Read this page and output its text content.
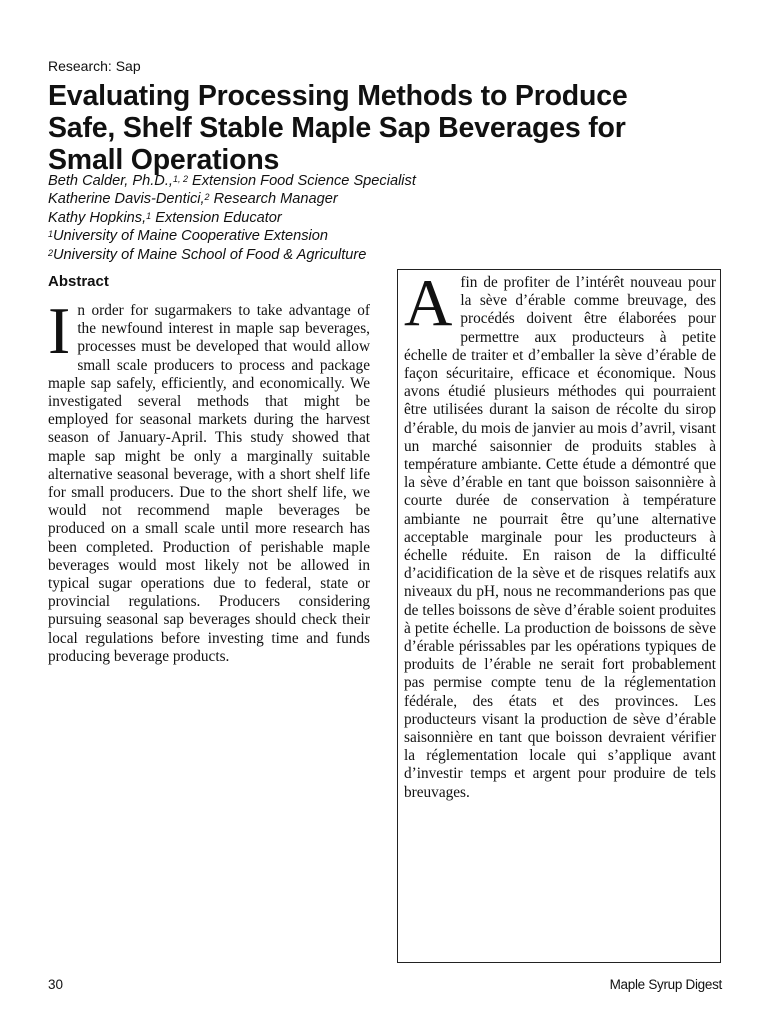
Research: Sap
Evaluating Processing Methods to Produce
Safe, Shelf Stable Maple Sap Beverages for
Small Operations
Beth Calder, Ph.D.,$^{1, 2}$ Extension Food Science Specialist
Katherine Davis-Dentici,$^2$ Research Manager
Kathy Hopkins,$^1$ Extension Educator
$^1$University of Maine Cooperative Extension
$^2$University of Maine School of Food & Agriculture
Abstract
In order for sugarmakers to take advantage of the newfound interest in maple sap beverages, processes must be developed that would allow small scale producers to process and package maple sap safely, efficiently, and economically. We investigated several methods that might be employed for seasonal markets during the harvest season of January-April. This study showed that maple sap might be only a marginally suitable alternative seasonal beverage, with a short shelf life for small producers. Due to the short shelf life, we would not recommend maple beverages be produced on a small scale until more research has been completed. Production of perishable maple beverages would most likely not be allowed in typical sugar operations due to federal, state or provincial regulations. Producers considering pursuing seasonal sap beverages should check their local regulations before investing time and funds producing beverage products.
Afin de profiter de l’intérêt nouveau pour la sève d’érable comme breuvage, des procédés doivent être élaborées pour permettre aux producteurs à petite échelle de traiter et d’emballer la sève d’érable de façon sécuritaire, efficace et économique. Nous avons étudié plusieurs méthodes qui pourraient être utilisées durant la saison de récolte du sirop d’érable, du mois de janvier au mois d’avril, visant un marché saisonnier de produits stables à température ambiante. Cette étude a démontré que la sève d’érable en tant que boisson saisonnière à courte durée de conservation à température ambiante ne pourrait être qu’une alternative acceptable marginale pour les producteurs à échelle réduite. En raison de la difficulté d’acidification de la sève et de risques relatifs aux niveaux du pH, nous ne recommanderions pas que de telles boissons de sève d’érable soient produites à petite échelle. La production de boissons de sève d’érable périssables par les opérations typiques de produits de l’érable ne serait fort probablement pas permise compte tenu de la réglementation fédérale, des états et des provinces. Les producteurs visant la production de sève d’érable saisonnière en tant que boisson devraient vérifier la réglementation locale qui s’applique avant d’investir temps et argent pour produire de tels breuvages.
30	Maple Syrup Digest
